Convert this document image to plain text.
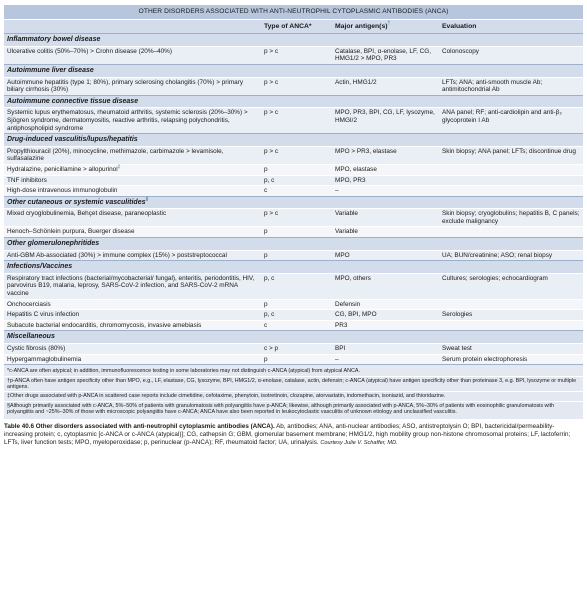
OTHER DISORDERS ASSOCIATED WITH ANTI-NEUTROPHIL CYTOPLASMIC ANTIBODIES (ANCA)			
	Type of ANCA*	Major antigen(s)†	Evaluation
Inflammatory bowel disease			
Ulcerative colitis (50%–70%) > Crohn disease (20%–40%)	p > c	Catalase, BPI, α-enolase, LF, CG, HMG1/2 > MPO, PR3	Colonoscopy
Autoimmune liver disease			
Autoimmune hepatitis (type 1; 80%), primary sclerosing cholangitis (70%) > primary biliary cirrhosis (30%)	p > c	Actin, HMG1/2	LFTs; ANA; anti-smooth muscle Ab; antimitochondrial Ab
Autoimmune connective tissue disease			
Systemic lupus erythematosus, rheumatoid arthritis, systemic sclerosis (20%–30%) > Sjögren syndrome, dermatomyositis, reactive arthritis, relapsing polychondritis, antiphospholipid syndrome	p > c	MPO, PR3, BPI, CG, LF, lysozyme, HMGI/2	ANA panel; RF; anti-cardiolipin and anti-β₂ glycoprotein I Ab
Drug-induced vasculitis/lupus/hepatitis			
Propylthiouracil (20%), minocycline, methimazole, carbimazole > levamisole, sulfasalazine	p > c	MPO > PR3, elastase	Skin biopsy; ANA panel; LFTs; discontinue drug
Hydralazine, penicillamine > allopurinol‡	p	MPO, elastase	
TNF inhibitors	p, c	MPO, PR3	
High-dose intravenous immunoglobulin	c	–	
Other cutaneous or systemic vasculitides§
Mixed cryoglobulinemia, Behçet disease, paraneoplastic	p > c	Variable	Skin biopsy; cryoglobulins; hepatitis B, C panels; exclude malignancy
Henoch–Schönlein purpura, Buerger disease	p	Variable	
Other glomerulonephritides			
Anti-GBM Ab-associated (30%) > immune complex (15%) > poststreptococcal	p	MPO	UA; BUN/creatinine; ASO; renal biopsy
Infections/Vaccines			
Respiratory tract infections (bacterial/mycobacterial/ fungal), enteritis, periodontitis, HIV, parvovirus B19, malaria, leprosy, SARS-CoV-2 infection, and SARS-CoV-2 mRNA vaccine	p, c	MPO, others	Cultures; serologies; echocardiogram
Onchocerciasis	p	Defensin	
Hepatitis C virus infection	p, c	CG, BPI, MPO	Serologies
Subacute bacterial endocarditis, chromomycosis, invasive amebiasis	c	PR3	
Miscellaneous			
Cystic fibrosis (80%)	c > p	BPI	Sweat test
Hypergammaglobulinemia	p	–	Serum protein electrophoresis
*c-ANCA are often atypical; in addition, immunofluorescence testing in some laboratories may not distinguish c-ANCA (atypical) from atypical ANCA.			
†p-ANCA often have antigen specificity other than MPO, e.g., LF, elastase, CG, lysozyme, BPI, HMG1/2, α-enolase, catalase, actin, defensin; c-ANCA (atypical) have antigen specificity other than proteinase 3, e.g. BPI, lysozyme or multiple antigens.			
‡Other drugs associated with p-ANCA in scattered case reports include cimetidine, cefotaxime, phenytoin, isotretinoin, clozapine, atorvastatin, indomethacin, isoniazid, and thioridazine.			
§Although primarily associated with c-ANCA, 5%–50% of patients with granulomatosis with polyangiitis have p-ANCA; likewise, although primarily associated with p-ANCA, 5%–30% of patients with eosinophilic granulomatosis with polyangiitis and ~25%–30% of those with microscopic polyangiitis have c-ANCA; ANCA have also been reported in leukocytoclastic vasculitis of unknown etiology and unclassified vasculitis.			
Table 40.6 Other disorders associated with anti-neutrophil cytoplasmic antibodies (ANCA). Ab, antibodies; ANA, anti-nuclear antibodies; ASO, antistreptolysin O; BPI, bactericidal/permeability-increasing protein; c, cytoplasmic [c-ANCA or c-ANCA (atypical)]; CG, cathepsin G; GBM, glomerular basement membrane; HMG1/2, high mobility group non-histone chromosomal proteins; LF, lactoferrin; LFTs, liver function tests; MPO, myeloperoxidase; p, perinuclear (p-ANCA); RF, rheumatoid factor; UA, urinalysis. Courtesy Julie V. Schaffer, MD.
